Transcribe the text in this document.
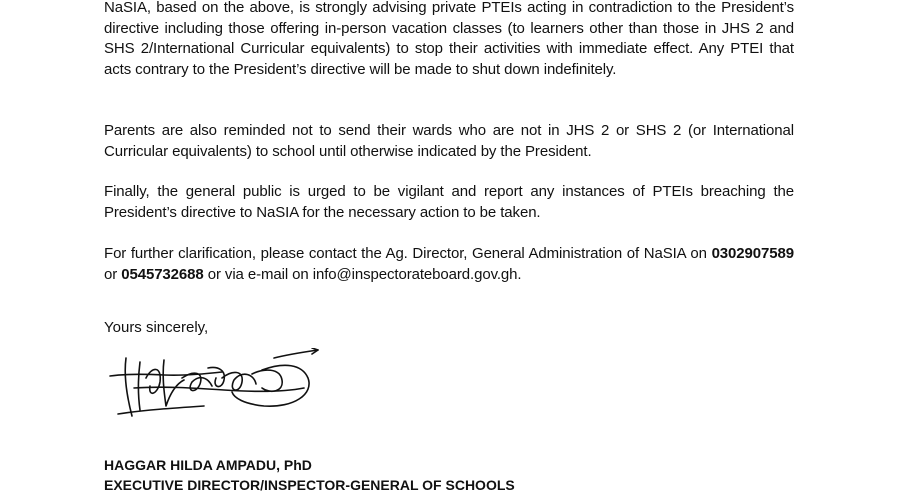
NaSIA, based on the above, is strongly advising private PTEIs acting in contradiction to the President’s directive including those offering in-person vacation classes (to learners other than those in JHS 2 and SHS 2/International Curricular equivalents) to stop their activities with immediate effect. Any PTEI that acts contrary to the President’s directive will be made to shut down indefinitely.

Parents are also reminded not to send their wards who are not in JHS 2 or SHS 2 (or International Curricular equivalents) to school until otherwise indicated by the President.

Finally, the general public is urged to be vigilant and report any instances of PTEIs breaching the President’s directive to NaSIA for the necessary action to be taken.

For further clarification, please contact the Ag. Director, General Administration of NaSIA on 0302907589 or 0545732688 or via e-mail on info@inspectorateboard.gov.gh.

Yours sincerely,
HAGGAR HILDA AMPADU, PhD
EXECUTIVE DIRECTOR/INSPECTOR-GENERAL OF SCHOOLS
